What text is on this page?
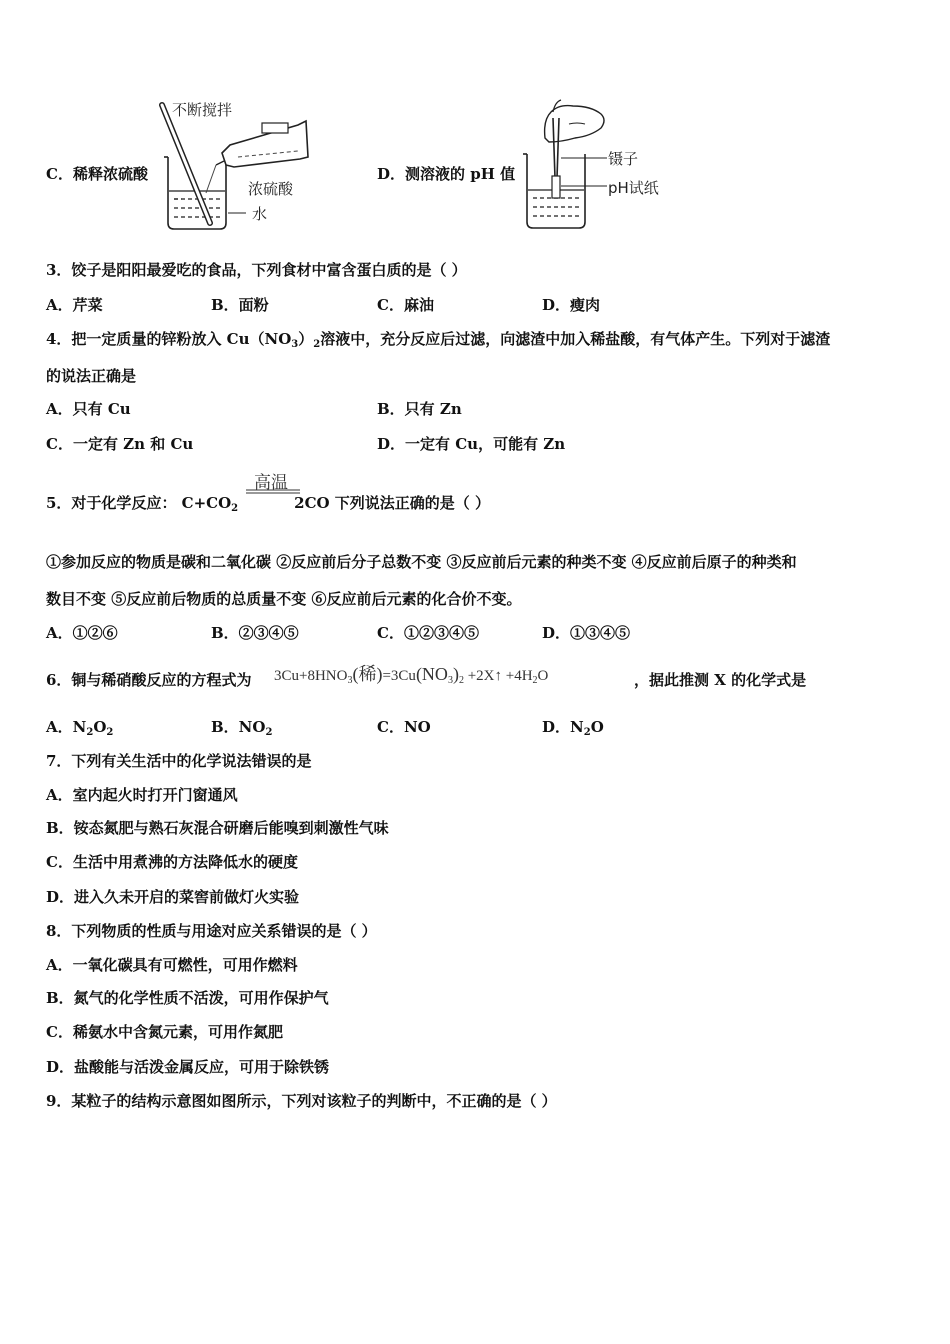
C．稀释浓硫酸
不断搅拌
浓硫酸
水
D．测溶液的 pH 值
镊子
pH试纸
3．饺子是阳阳最爱吃的食品，下列食材中富含蛋白质的是（ ）
A．芹菜	B．面粉	C．麻油	D．瘦肉
4．把一定质量的锌粉放入 $Cu(NO_3)_2$溶液中，充分反应后过滤，向滤渣中加入稀盐酸，有气体产生。下列对于滤渣
的说法正确是
A．只有 Cu	B．只有 Zn
C．一定有 Zn 和 Cu	D．一定有 Cu，可能有 Zn
5．对于化学反应： $C+CO_2$	2CO 下列说法正确的是（ ）
高温
①参加反应的物质是碳和二氧化碳 ②反应前后分子总数不变 ③反应前后元素的种类不变 ④反应前后原子的种类和
数目不变 ⑤反应前后物质的总质量不变 ⑥反应前后元素的化合价不变。
A．①②⑥	B．②③④⑤	C．①②③④⑤	D．①③④⑤
6．铜与稀硝酸反应的方程式为 $3Cu+8HNO_3$(稀)$=3Cu(NO_3)_2$ +2X↑ $+4H_2O$	，据此推测 X 的化学式是
A．$N_2O_2$	B．$NO_2$	C．NO	D．$N_2O$
7．下列有关生活中的化学说法错误的是
A．室内起火时打开门窗通风
B．铵态氮肥与熟石灰混合研磨后能嗅到刺激性气味
C．生活中用煮沸的方法降低水的硬度
D．进入久未开启的菜窖前做灯火实验
8．下列物质的性质与用途对应关系错误的是（ ）
A．一氧化碳具有可燃性，可用作燃料
B．氮气的化学性质不活泼，可用作保护气
C．稀氨水中含氮元素，可用作氮肥
D．盐酸能与活泼金属反应，可用于除铁锈
9．某粒子的结构示意图如图所示，下列对该粒子的判断中，不正确的是（ ）
